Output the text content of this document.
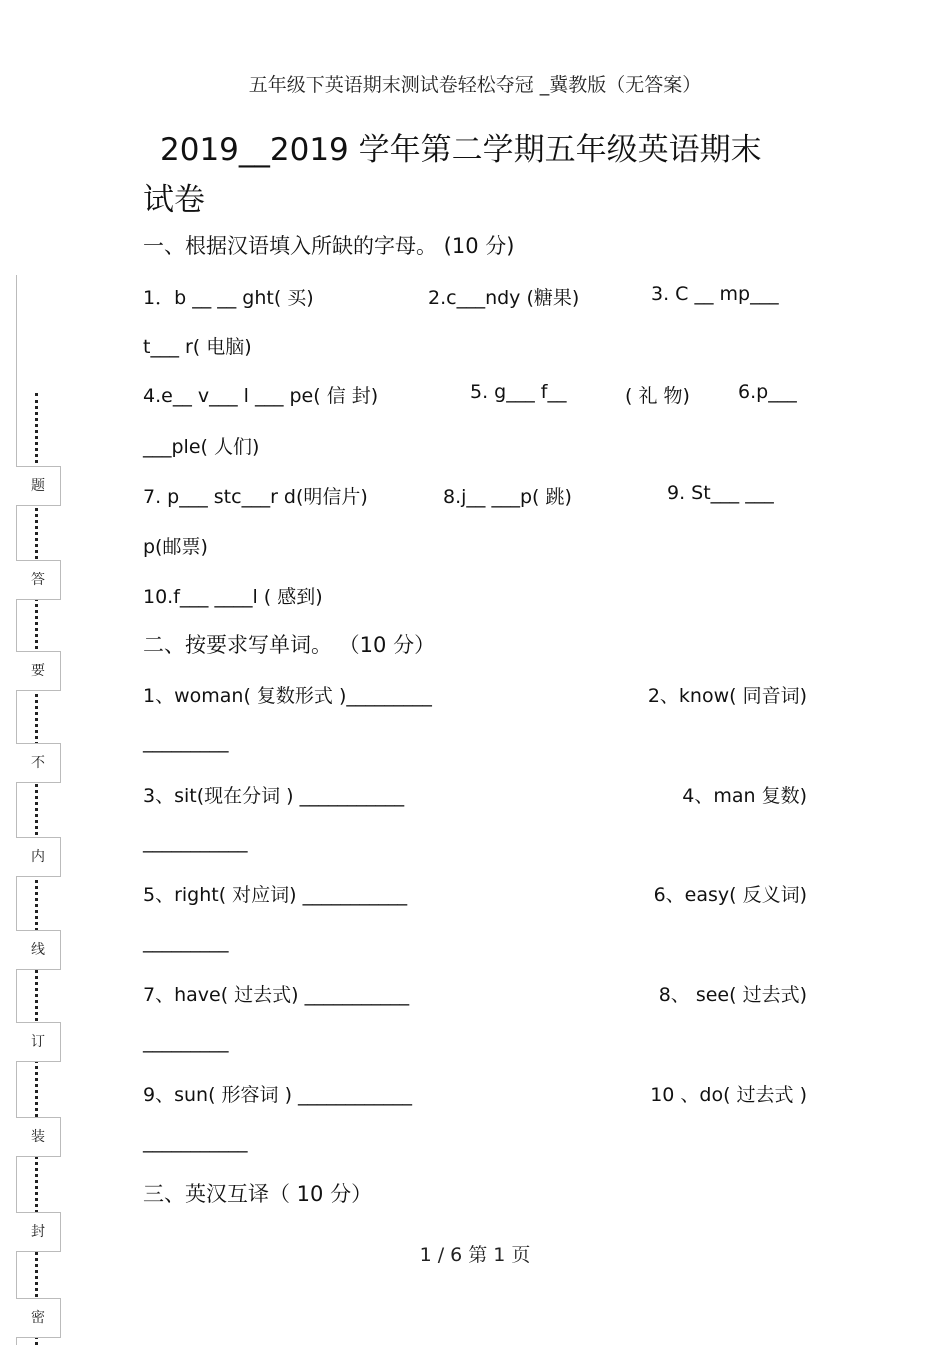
五年级下英语期末测试卷轻松夺冠 _冀教版（无答案）
2019__2019 学年第二学期五年级英语期末
试卷
一、根据汉语填入所缺的字母。 (10 分)
1．b __ __ ght( 买)	2.c___ndy (糖果)	3. C __ mp___
t___ r( 电脑)
4.e__ v___ l ___ pe( 信 封)	5. g___ f__	( 礼 物)	6.p___
___ple( 人们)
7. p___ stc___r d(明信片)	8.j__ ___p( 跳)	9. St___ ___
p(邮票)
10.f___ ____l ( 感到)
二、按要求写单词。 （10 分）
1、woman( 复数形式 )_________	2、know( 同音词)
_________
3、sit(现在分词 ) ___________	4、man 复数)
___________
5、right( 对应词) ___________	6、easy( 反义词)
_________
7、have( 过去式) ___________	8、 see( 过去式)
_________
9、sun( 形容词 ) ____________	10 、do( 过去式 )
___________
三、英汉互译（ 10 分）
1 / 6 第 1 页
题
答
要
不
内
线
订
装
封
密
